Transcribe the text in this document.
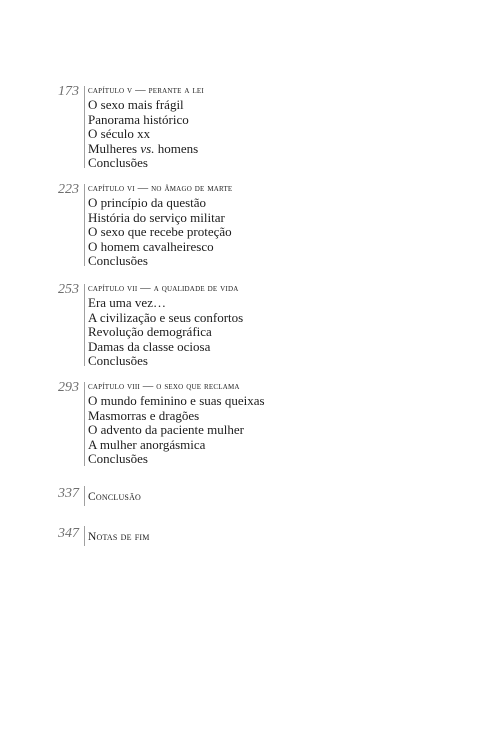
173 capítulo v — perante a lei
O sexo mais frágil
Panorama histórico
O século xx
Mulheres vs. homens
Conclusões
223 capítulo vi — no âmago de marte
O princípio da questão
História do serviço militar
O sexo que recebe proteção
O homem cavalheiresco
Conclusões
253 capítulo vii — a qualidade de vida
Era uma vez…
A civilização e seus confortos
Revolução demográfica
Damas da classe ociosa
Conclusões
293 capítulo viii — o sexo que reclama
O mundo feminino e suas queixas
Masmorras e dragões
O advento da paciente mulher
A mulher anorgásmica
Conclusões
337 Conclusão
347 Notas de fim
